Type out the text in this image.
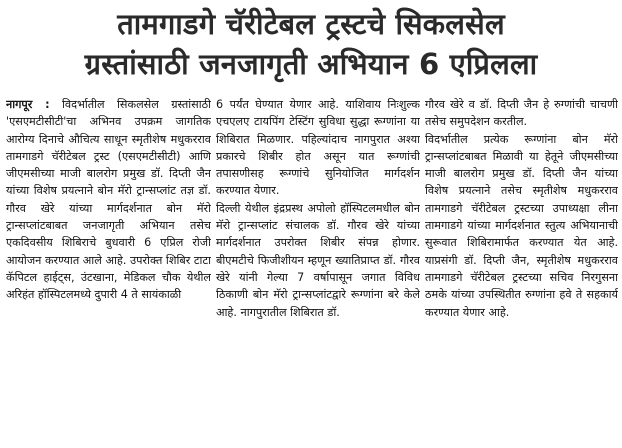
तामगाडगे चॅरीटेबल ट्रस्टचे सिकलसेल
ग्रस्तांसाठी जनजागृती अभियान 6 एप्रिलला

नागपूर : विदर्भातील सिकलसेल ग्रस्तांसाठी 'एसएमटीसीटी'चा अभिनव उपक्रम जागतिक आरोग्य दिनाचे औचित्य साधून स्मृतीशेष मधुकरराव तामगाडगे चॅरीटेबल ट्रस्ट (एसएमटीसीटी) आणि जीएमसीच्या माजी बालरोग प्रमुख डॉ. दिप्ती जैन यांच्या विशेष प्रयत्नाने बोन मॅरो ट्रान्सप्लांट तज्ञ डॉ. गौरव खेरे यांच्या मार्गदर्शनात बोन मॅरो ट्रान्सप्लांटबाबत जनजागृती अभियान तसेच एकदिवसीय शिबिराचे बुधवारी 6 एप्रिल रोजी आयोजन करण्यात आले आहे. उपरोक्त शिबिर टाटा कॅपिटल हाईट्स, उंटखाना, मेडिकल चौक येथील अरिहंत हॉस्पिटलमध्ये दुपारी 4 ते सायंकाळी

6 पर्यंत घेण्यात येणार आहे. याशिवाय निःशुल्क एचएलए टायपिंग टेस्टिंग सुविधा सुद्धा रूग्णांना या शिबिरात मिळणार. पहिल्यांदाच नागपुरात अश्या प्रकारचे शिबीर होत असून यात रूग्णांची तपासणीसह रूग्णांचे सुनियोजित मार्गदर्शन करण्यात येणार.

दिल्ली येथील इंद्रप्रस्थ अपोलो हॉस्पिटलमधील बोन मॅरो ट्रान्सप्लांट संचालक डॉ. गौरव खेरे यांच्या मार्गदर्शनात उपरोक्त शिबीर संपन्न होणार. बीएमटीचे फिजीशीयन म्हणून ख्यातिप्राप्त डॉ. गौरव खेरे यांनी गेल्या 7 वर्षापासून जगात विविध ठिकाणी बोन मॅरो ट्रान्सप्लांटद्वारे रूग्णांना बरे केले आहे. नागपुरातील शिबिरात डॉ.

गौरव खेरे व डॉ. दिप्ती जैन हे रुग्णांची चाचणी तसेच समुपदेशन करतील.

विदर्भातील प्रत्येक रूग्णांना बोन मॅरो ट्रान्सप्लांटबाबत मिळावी या हेतूने जीएमसीच्या माजी बालरोग प्रमुख डॉ. दिप्ती जैन यांच्या विशेष प्रयत्नाने तसेच स्मृतीशेष मधुकरराव तामगाडगे चॅरीटेबल ट्रस्टच्या उपाध्यक्षा लीना तामगाडगे यांच्या मार्गदर्शनात स्तुत्य अभियानाची सुरूवात शिबिरामार्फत करण्यात येत आहे. याप्रसंगी डॉ. दिप्ती जैन, स्मृतीशेष मधुकरराव तामगाडगे चॅरीटेबल ट्रस्टच्या सचिव निरगुसना ठमके यांच्या उपस्थितीत रुग्णांना हवे ते सहकार्य करण्यात येणार आहे.
